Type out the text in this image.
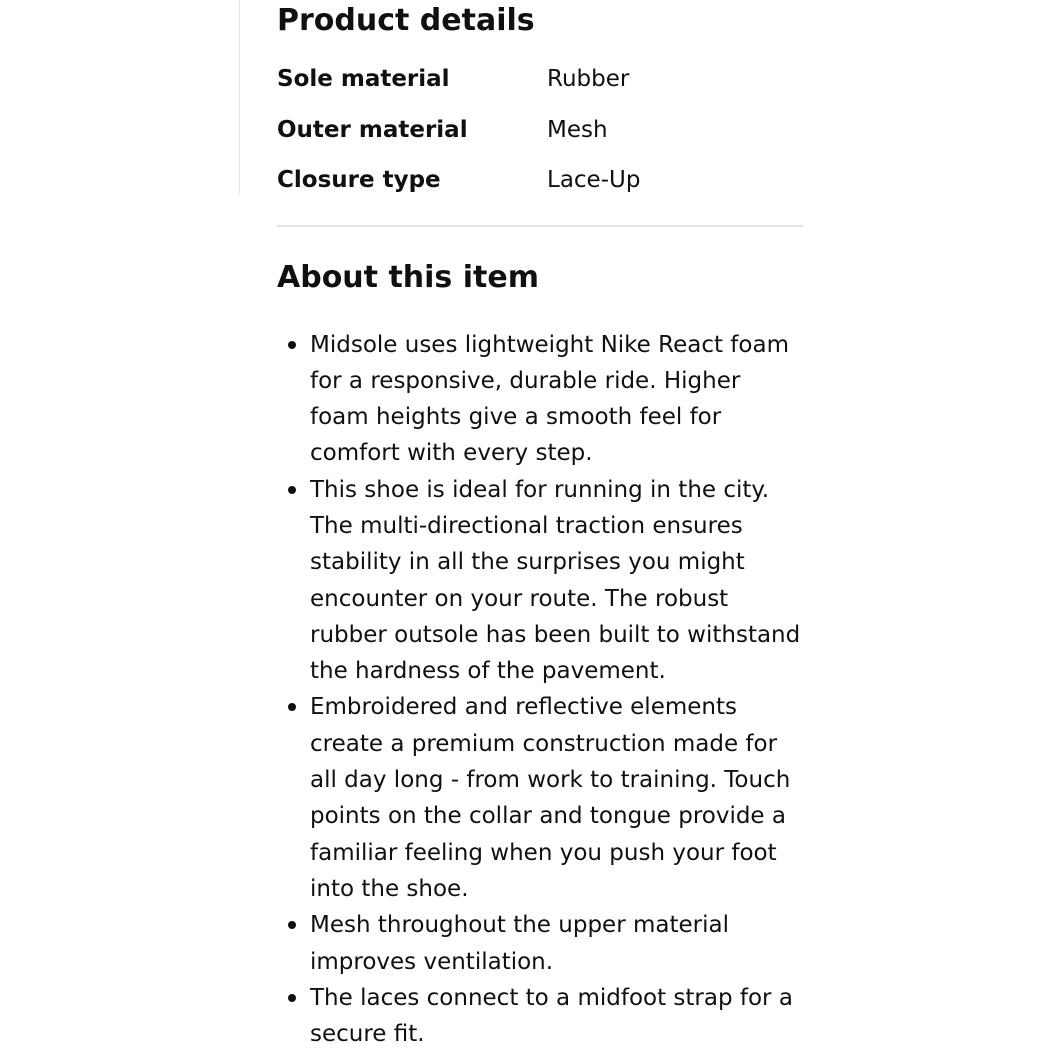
Product details
Sole material	Rubber
Outer material	Mesh
Closure type	Lace-Up
About this item
Midsole uses lightweight Nike React foam for a responsive, durable ride. Higher foam heights give a smooth feel for comfort with every step.
This shoe is ideal for running in the city. The multi-directional traction ensures stability in all the surprises you might encounter on your route. The robust rubber outsole has been built to withstand the hardness of the pavement.
Embroidered and reflective elements create a premium construction made for all day long - from work to training. Touch points on the collar and tongue provide a familiar feeling when you push your foot into the shoe.
Mesh throughout the upper material improves ventilation.
The laces connect to a midfoot strap for a secure fit.
